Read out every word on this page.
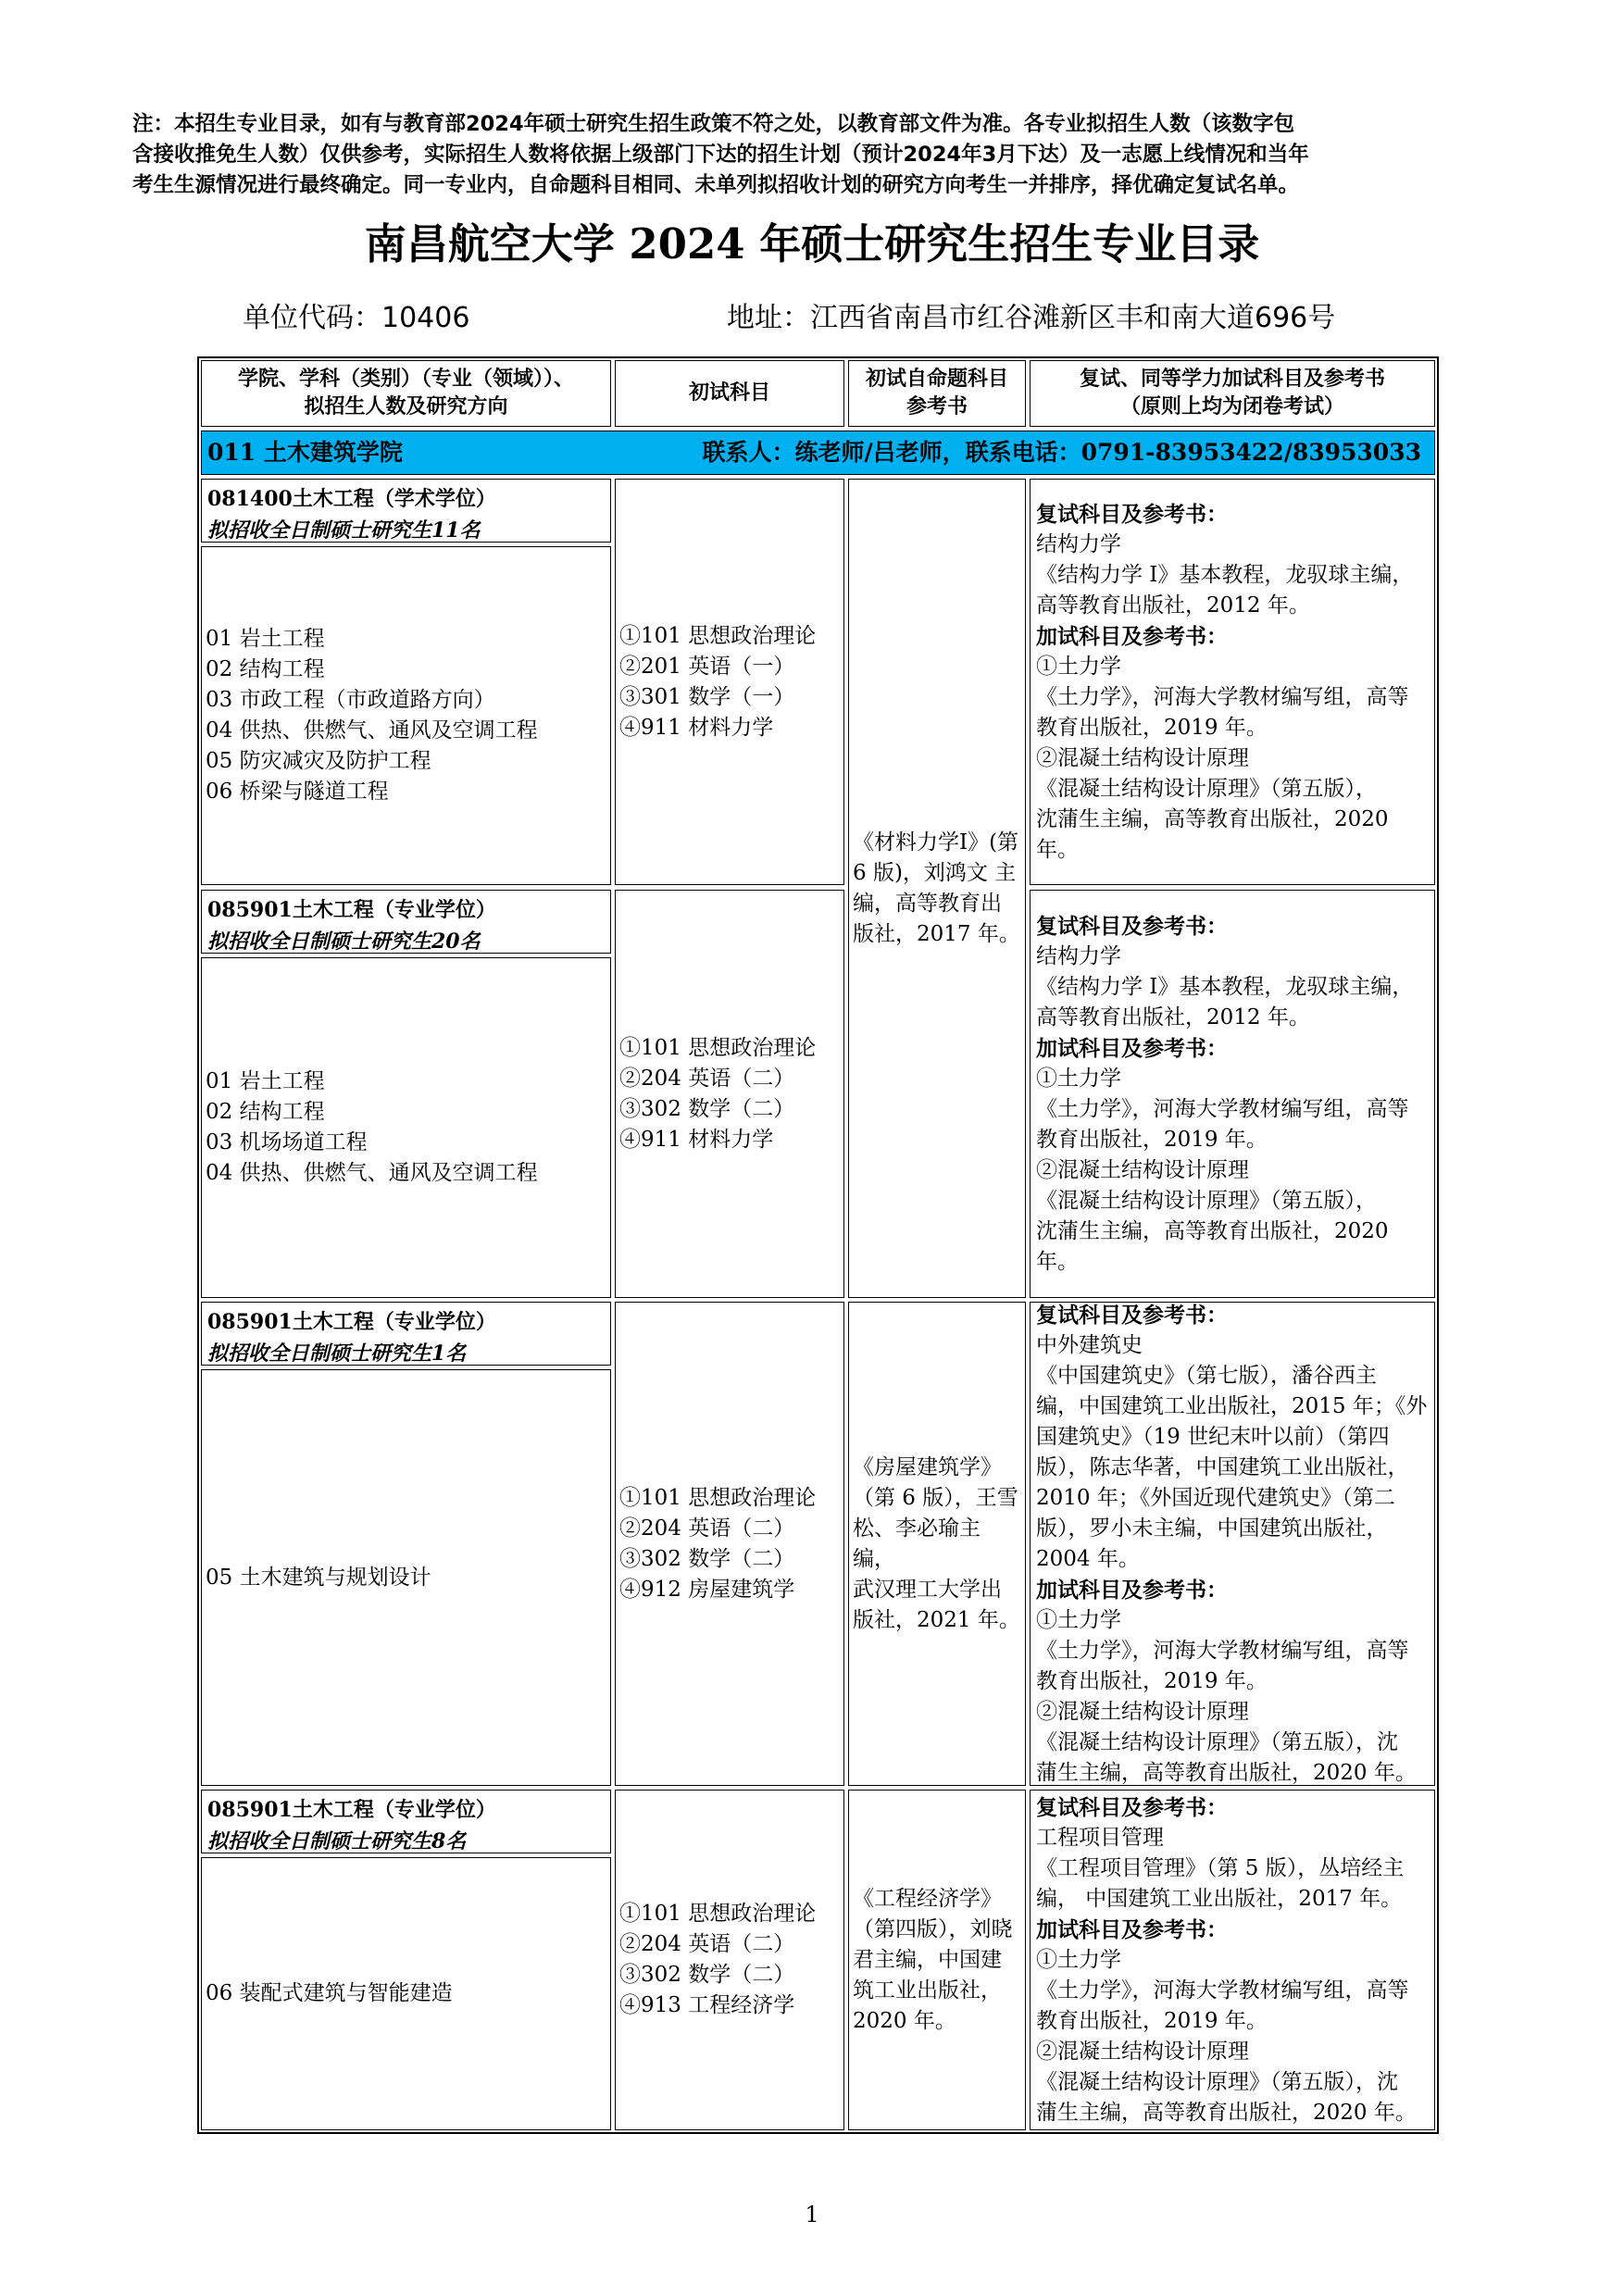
注：本招生专业目录，如有与教育部2024年硕士研究生招生政策不符之处，以教育部文件为准。各专业拟招生人数（该数字包
含接收推免生人数）仅供参考，实际招生人数将依据上级部门下达的招生计划（预计2024年3月下达）及一志愿上线情况和当年
考生生源情况进行最终确定。同一专业内，自命题科目相同、未单列拟招收计划的研究方向考生一并排序，择优确定复试名单。
南昌航空大学 2024 年硕士研究生招生专业目录
单位代码：10406	地址：江西省南昌市红谷滩新区丰和南大道696号
学院、学科（类别）（专业（领域））、
拟招生人数及研究方向
初试科目
初试自命题科目
参考书
复试、同等学力加试科目及参考书
（原则上均为闭卷考试）
011 土木建筑学院	联系人：练老师/吕老师，联系电话：0791-83953422/83953033
081400土木工程（学术学位）
拟招收全日制硕士研究生11名
01 岩土工程
02 结构工程
03 市政工程（市政道路方向）
04 供热、供燃气、通风及空调工程
05 防灾减灾及防护工程
06 桥梁与隧道工程
①101 思想政治理论
②201 英语（一）
③301 数学（一）
④911 材料力学
复试科目及参考书：
结构力学
《结构力学 I》基本教程，龙驭球主编，
高等教育出版社，2012 年。
加试科目及参考书：
①土力学
《土力学》，河海大学教材编写组，高等
教育出版社，2019 年。
②混凝土结构设计原理
《混凝土结构设计原理》（第五版），
沈蒲生主编，高等教育出版社，2020 年。
《材料力学I》(第
6 版)，刘鸿文 主
编，高等教育出
版社，2017 年。
085901土木工程（专业学位）
拟招收全日制硕士研究生20名
01 岩土工程
02 结构工程
03 机场场道工程
04 供热、供燃气、通风及空调工程
①101 思想政治理论
②204 英语（二）
③302 数学（二）
④911 材料力学
复试科目及参考书：
结构力学
《结构力学 I》基本教程，龙驭球主编，
高等教育出版社，2012 年。
加试科目及参考书：
①土力学
《土力学》，河海大学教材编写组，高等
教育出版社，2019 年。
②混凝土结构设计原理
《混凝土结构设计原理》（第五版），
沈蒲生主编，高等教育出版社，2020 年。
085901土木工程（专业学位）
拟招收全日制硕士研究生1名
05 土木建筑与规划设计
①101 思想政治理论
②204 英语（二）
③302 数学（二）
④912 房屋建筑学
《房屋建筑学》
（第 6 版），王雪
松、李必瑜主编，
武汉理工大学出
版社，2021 年。
复试科目及参考书：
中外建筑史
《中国建筑史》（第七版），潘谷西主
编，中国建筑工业出版社，2015 年；《外
国建筑史》（19 世纪末叶以前）（第四
版），陈志华著，中国建筑工业出版社，
2010 年；《外国近现代建筑史》（第二
版），罗小未主编，中国建筑出版社，
2004 年。
加试科目及参考书：
①土力学
《土力学》，河海大学教材编写组，高等
教育出版社，2019 年。
②混凝土结构设计原理
《混凝土结构设计原理》（第五版），沈
蒲生主编，高等教育出版社，2020 年。
085901土木工程（专业学位）
拟招收全日制硕士研究生8名
06 装配式建筑与智能建造
①101 思想政治理论
②204 英语（二）
③302 数学（二）
④913 工程经济学
《工程经济学》
（第四版），刘晓
君主编，中国建
筑工业出版社，
2020 年。
复试科目及参考书：
工程项目管理
《工程项目管理》（第 5 版），丛培经主
编， 中国建筑工业出版社，2017 年。
加试科目及参考书：
①土力学
《土力学》，河海大学教材编写组，高等
教育出版社，2019 年。
②混凝土结构设计原理
《混凝土结构设计原理》（第五版），沈
蒲生主编，高等教育出版社，2020 年。
1
